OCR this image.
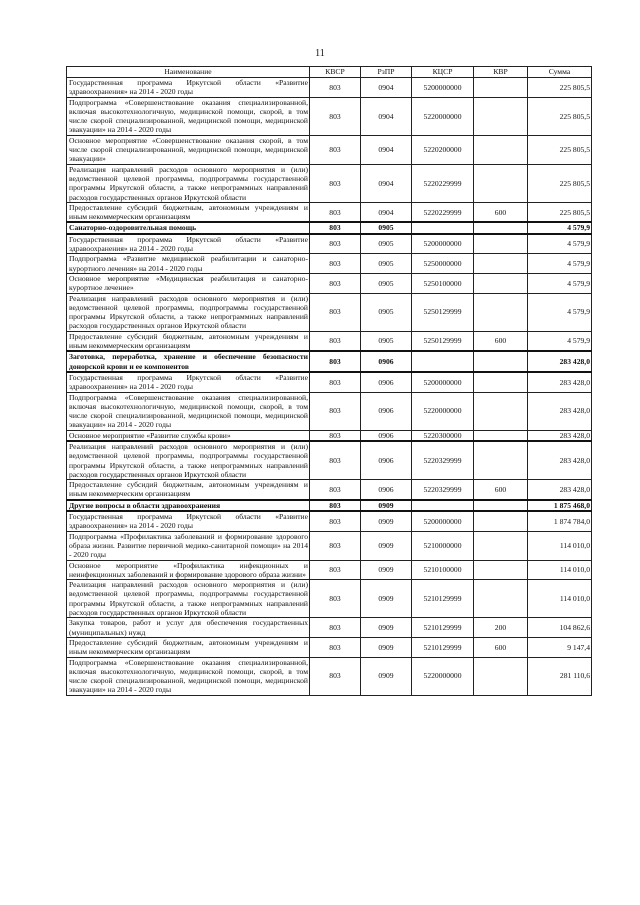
11
Наименование	КВСР	РзПР	КЦСР	КВР	Сумма
Государственная программа Иркутской области «Развитие здравоохранения» на 2014 - 2020 годы	803	0904	5200000000		225 805,5
Подпрограмма «Совершенствование оказания специализированной, включая высокотехнологичную, медицинской помощи, скорой, в том числе скорой специализированной, медицинской помощи, медицинской эвакуации» на 2014 - 2020 годы	803	0904	5220000000		225 805,5
Основное мероприятие «Совершенствование оказания скорой, в том числе скорой специализированной, медицинской помощи, медицинской эвакуации»	803	0904	5220200000		225 805,5
Реализация направлений расходов основного мероприятия и (или) ведомственной целевой программы, подпрограммы государственной программы Иркутской области, а также непрограммных направлений расходов государственных органов Иркутской области	803	0904	5220229999		225 805,5
Предоставление субсидий бюджетным, автономным учреждениям и иным некоммерческим организациям	803	0904	5220229999	600	225 805,5
Санаторно-оздоровительная помощь	803	0905			4 579,9
Государственная программа Иркутской области «Развитие здравоохранения» на 2014 - 2020 годы	803	0905	5200000000		4 579,9
Подпрограмма «Развитие медицинской реабилитации и санаторно-курортного лечения» на 2014 - 2020 годы	803	0905	5250000000		4 579,9
Основное мероприятие «Медицинская реабилитация и санаторно-курортное лечение»	803	0905	5250100000		4 579,9
Реализация направлений расходов основного мероприятия и (или) ведомственной целевой программы, подпрограммы государственной программы Иркутской области, а также непрограммных направлений расходов государственных органов Иркутской области	803	0905	5250129999		4 579,9
Предоставление субсидий бюджетным, автономным учреждениям и иным некоммерческим организациям	803	0905	5250129999	600	4 579,9
Заготовка, переработка, хранение и обеспечение безопасности донорской крови и ее компонентов	803	0906			283 428,0
Государственная программа Иркутской области «Развитие здравоохранения» на 2014 - 2020 годы	803	0906	5200000000		283 428,0
Подпрограмма «Совершенствование оказания специализированной, включая высокотехнологичную, медицинской помощи, скорой, в том числе скорой специализированной, медицинской помощи, медицинской эвакуации» на 2014 - 2020 годы	803	0906	5220000000		283 428,0
Основное мероприятие «Развитие службы крови»	803	0906	5220300000		283 428,0
Реализация направлений расходов основного мероприятия и (или) ведомственной целевой программы, подпрограммы государственной программы Иркутской области, а также непрограммных направлений расходов государственных органов Иркутской области	803	0906	5220329999		283 428,0
Предоставление субсидий бюджетным, автономным учреждениям и иным некоммерческим организациям	803	0906	5220329999	600	283 428,0
Другие вопросы в области здравоохранения	803	0909			1 875 468,0
Государственная программа Иркутской области «Развитие здравоохранения» на 2014 - 2020 годы	803	0909	5200000000		1 874 784,0
Подпрограмма «Профилактика заболеваний и формирование здорового образа жизни. Развитие первичной медико-санитарной помощи» на 2014 - 2020 годы	803	0909	5210000000		114 010,0
Основное мероприятие «Профилактика инфекционных и неинфекционных заболеваний и формирование здорового образа жизни»	803	0909	5210100000		114 010,0
Реализация направлений расходов основного мероприятия и (или) ведомственной целевой программы, подпрограммы государственной программы Иркутской области, а также непрограммных направлений расходов государственных органов Иркутской области	803	0909	5210129999		114 010,0
Закупка товаров, работ и услуг для обеспечения государственных (муниципальных) нужд	803	0909	5210129999	200	104 862,6
Предоставление субсидий бюджетным, автономным учреждениям и иным некоммерческим организациям	803	0909	5210129999	600	9 147,4
Подпрограмма «Совершенствование оказания специализированной, включая высокотехнологичную, медицинской помощи, скорой, в том числе скорой специализированной, медицинской помощи, медицинской эвакуации» на 2014 - 2020 годы	803	0909	5220000000		281 110,6
